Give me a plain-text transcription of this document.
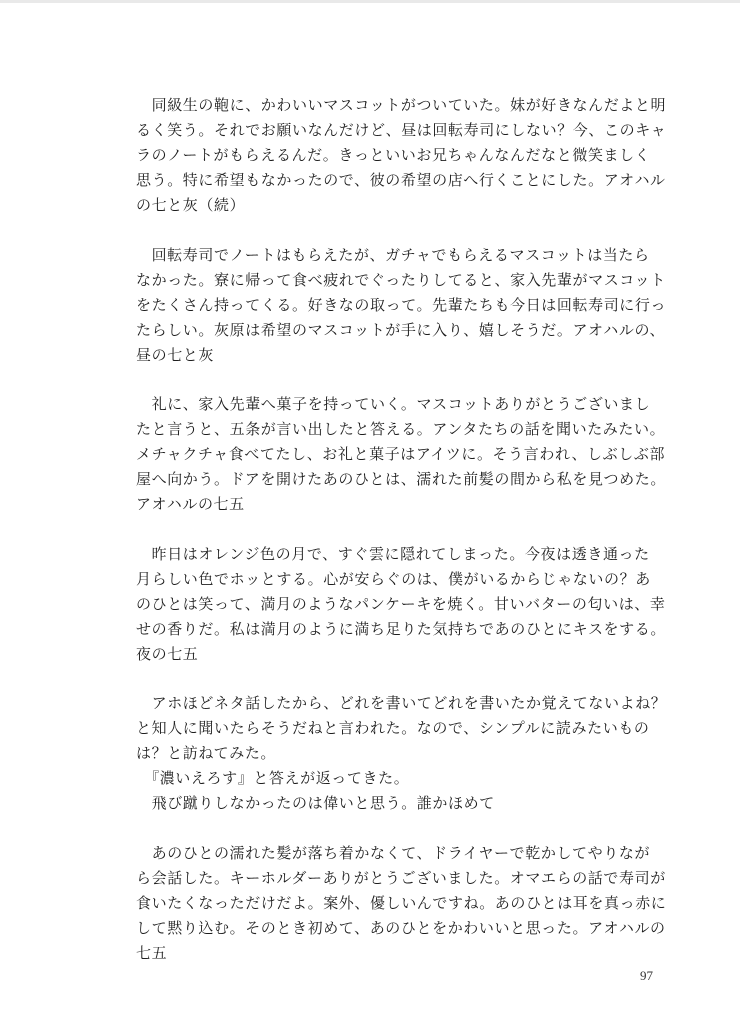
　同級生の鞄に、かわいいマスコットがついていた。妹が好きなんだよと明
るく笑う。それでお願いなんだけど、昼は回転寿司にしない？今、このキャ
ラのノートがもらえるんだ。きっといいお兄ちゃんなんだなと微笑ましく
思う。特に希望もなかったので、彼の希望の店へ行くことにした。アオハル
の七と灰（続）
　回転寿司でノートはもらえたが、ガチャでもらえるマスコットは当たら
なかった。寮に帰って食べ疲れでぐったりしてると、家入先輩がマスコット
をたくさん持ってくる。好きなの取って。先輩たちも今日は回転寿司に行っ
たらしい。灰原は希望のマスコットが手に入り、嬉しそうだ。アオハルの、
昼の七と灰
　礼に、家入先輩へ菓子を持っていく。マスコットありがとうございまし
たと言うと、五条が言い出したと答える。アンタたちの話を聞いたみたい。
メチャクチャ食べてたし、お礼と菓子はアイツに。そう言われ、しぶしぶ部
屋へ向かう。ドアを開けたあのひとは、濡れた前髪の間から私を見つめた。
アオハルの七五
　昨日はオレンジ色の月で、すぐ雲に隠れてしまった。今夜は透き通った
月らしい色でホッとする。心が安らぐのは、僕がいるからじゃないの？あ
のひとは笑って、満月のようなパンケーキを焼く。甘いバターの匂いは、幸
せの香りだ。私は満月のように満ち足りた気持ちであのひとにキスをする。
夜の七五
　アホほどネタ話したから、どれを書いてどれを書いたか覚えてないよね？
と知人に聞いたらそうだねと言われた。なので、シンプルに読みたいもの
は？と訪ねてみた。
　『濃いえろす』と答えが返ってきた。
　飛び蹴りしなかったのは偉いと思う。誰かほめて
　あのひとの濡れた髪が落ち着かなくて、ドライヤーで乾かしてやりなが
ら会話した。キーホルダーありがとうございました。オマエらの話で寿司が
食いたくなっただけだよ。案外、優しいんですね。あのひとは耳を真っ赤に
して黙り込む。そのとき初めて、あのひとをかわいいと思った。アオハルの
七五
97
